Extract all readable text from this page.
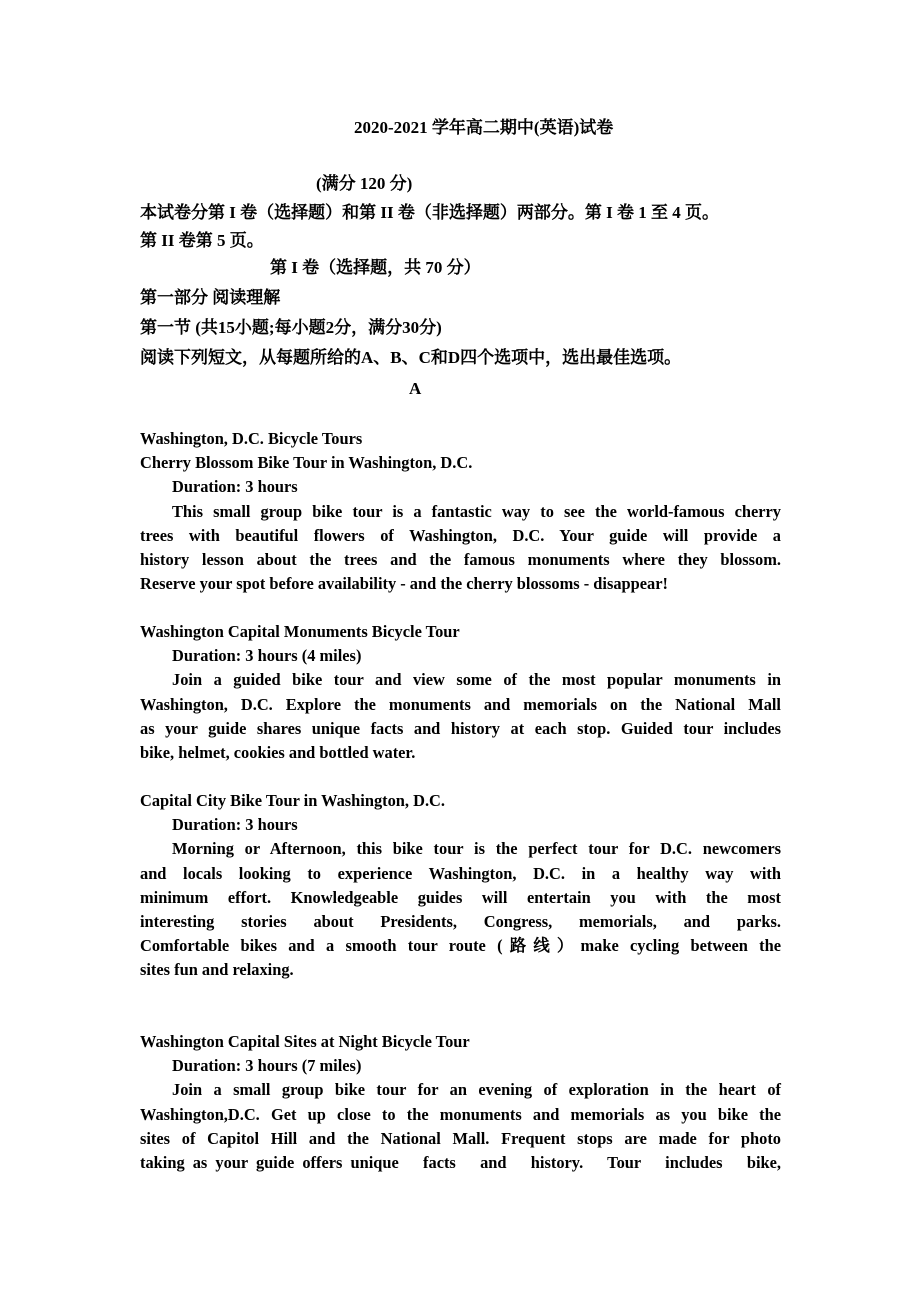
2020-2021 学年高二期中(英语)试卷
(满分 120 分)

本试卷分第 I 卷（选择题）和第 II 卷（非选择题）两部分。第 I 卷 1 至 4 页。

第 II 卷第 5 页。

第 I 卷（选择题，共 70 分）

第一部分 阅读理解

第一节 (共15小题;每小题2分，满分30分)

阅读下列短文，从每题所给的A、B、C和D四个选项中，选出最佳选项。

A

Washington, D.C. Bicycle Tours

Cherry Blossom Bike Tour in Washington, D.C.

Duration: 3 hours

This small group bike tour is a fantastic way to see the world-famous cherry

trees with beautiful flowers of Washington, D.C. Your guide will provide a

history lesson about the trees and the famous monuments where they blossom.

Reserve your spot before availability - and the cherry blossoms - disappear!

Washington Capital Monuments Bicycle Tour

Duration: 3 hours (4 miles)

Join a guided bike tour and view some of the most popular monuments in

Washington, D.C. Explore the monuments and memorials on the National Mall

as your guide shares unique facts and history at each stop. Guided tour includes

bike, helmet, cookies and bottled water.

Capital City Bike Tour in Washington, D.C.

Duration: 3 hours

Morning or Afternoon, this bike tour is the perfect tour for D.C. newcomers

and locals looking to experience Washington, D.C. in a healthy way with

minimum effort. Knowledgeable guides will entertain you with the most

interesting stories about Presidents, Congress, memorials, and parks.

Comfortable bikes and a smooth tour route (路线）make cycling between the

sites fun and relaxing.

Washington Capital Sites at Night Bicycle Tour

Duration: 3 hours (7 miles)

Join a small group bike tour for an evening of exploration in the heart of

Washington,D.C. Get up close to the monuments and memorials as you bike the

sites of Capitol Hill and the National Mall. Frequent stops are made for photo

taking as your guide offers unique   facts   and   history.   Tour   includes   bike,
